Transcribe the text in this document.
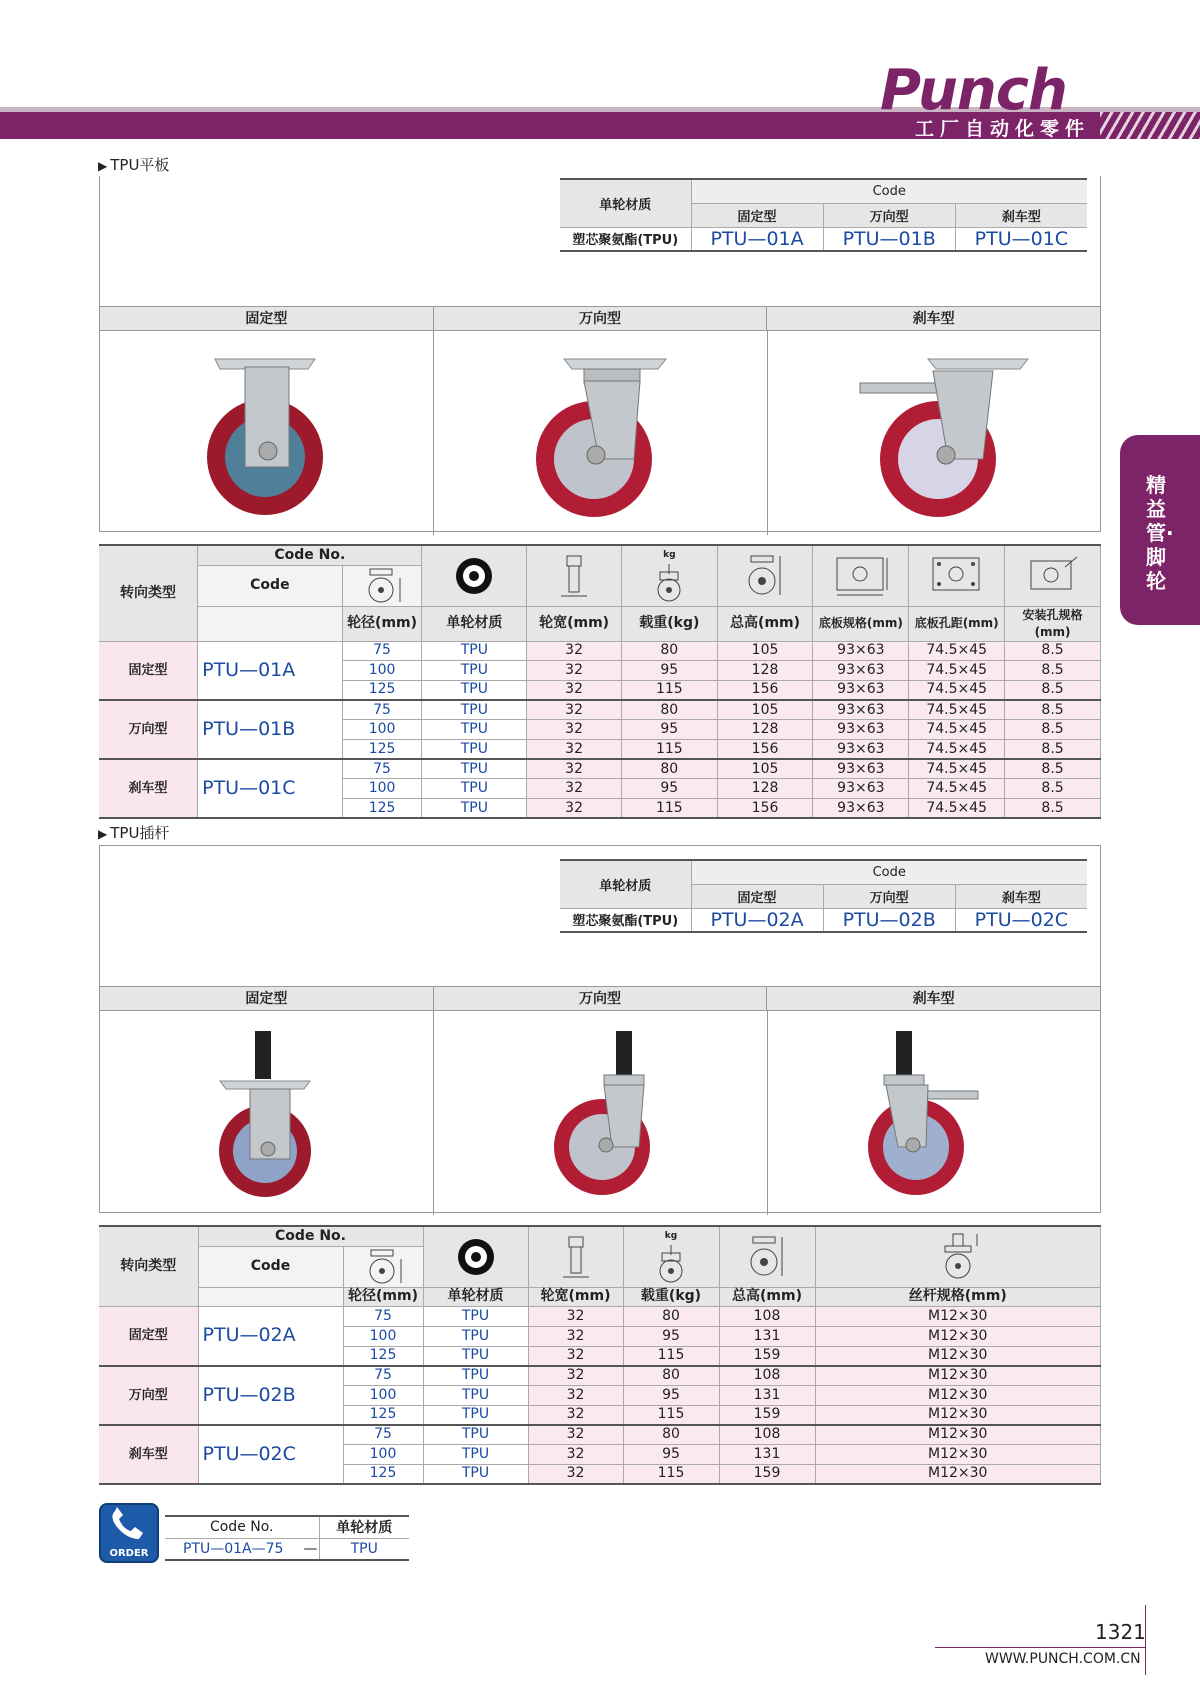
Punch
工厂自动化零件
精益管·脚轮
▶ TPU平板
单轮材质	Code		
	固定型	万向型	刹车型
塑芯聚氨酯(TPU)	PTU—01A	PTU—01B	PTU—01C
固定型	万向型	刹车型
转向类型	Code No.				kg

	Code	

		轮径(mm)	单轮材质	轮宽(mm)	载重(kg)	总高(mm)	底板规格(mm)	底板孔距(mm)	安装孔规格(mm)
固定型	PTU—01A	75	TPU	32	80	105	93×63	74.5×45	8.5
		100	TPU	32	95	128	93×63	74.5×45	8.5
		125	TPU	32	115	156	93×63	74.5×45	8.5
万向型	PTU—01B	75	TPU	32	80	105	93×63	74.5×45	8.5
		100	TPU	32	95	128	93×63	74.5×45	8.5
		125	TPU	32	115	156	93×63	74.5×45	8.5
刹车型	PTU—01C	75	TPU	32	80	105	93×63	74.5×45	8.5
		100	TPU	32	95	128	93×63	74.5×45	8.5
		125	TPU	32	115	156	93×63	74.5×45	8.5
▶ TPU插杆
单轮材质	Code		
	固定型	万向型	刹车型
塑芯聚氨酯(TPU)	PTU—02A	PTU—02B	PTU—02C
固定型	万向型	刹车型
转向类型	Code No.				kg

	Code	

		轮径(mm)	单轮材质	轮宽(mm)	载重(kg)	总高(mm)	丝杆规格(mm)
固定型	PTU—02A	75	TPU	32	80	108	M12×30
		100	TPU	32	95	131	M12×30
		125	TPU	32	115	159	M12×30
万向型	PTU—02B	75	TPU	32	80	108	M12×30
		100	TPU	32	95	131	M12×30
		125	TPU	32	115	159	M12×30
刹车型	PTU—02C	75	TPU	32	80	108	M12×30
		100	TPU	32	95	131	M12×30
		125	TPU	32	115	159	M12×30
ORDER
Code No.	单轮材质
PTU—01A—75 —	TPU
1321
WWW.PUNCH.COM.CN
